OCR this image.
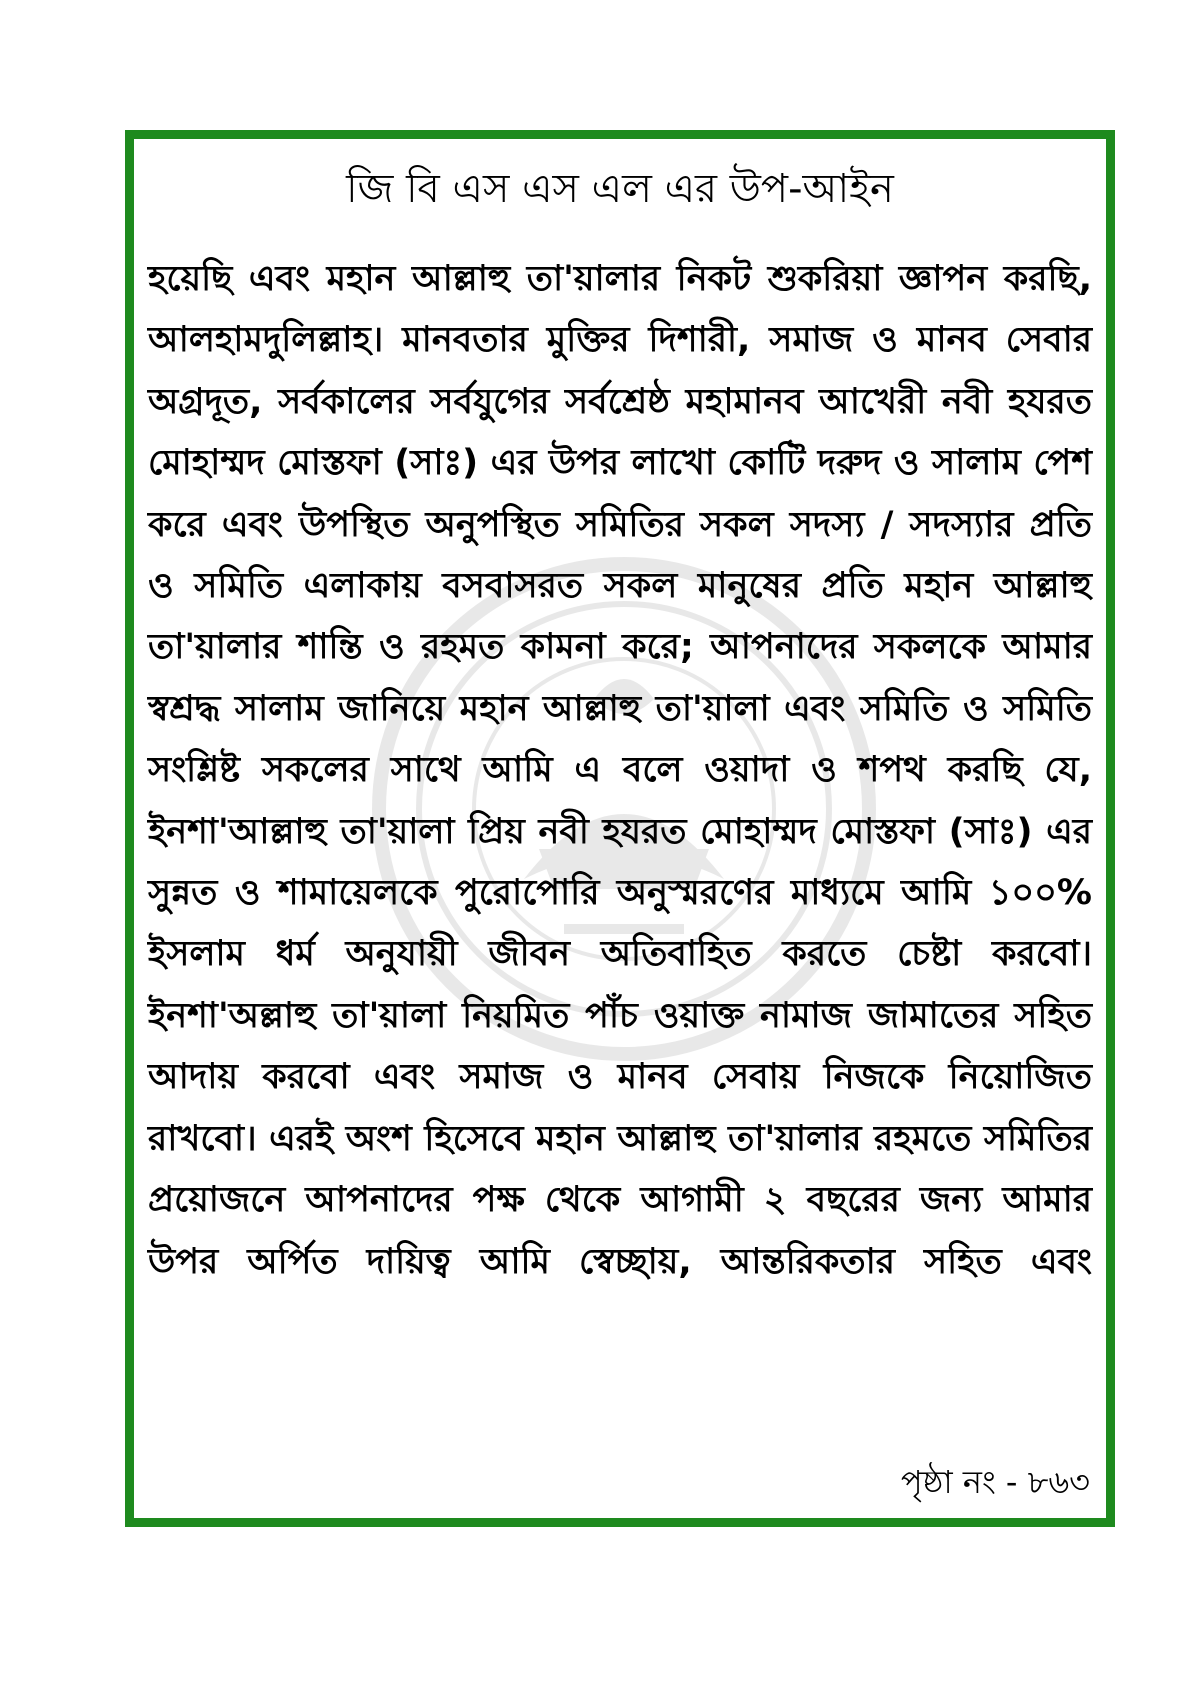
জি বি এস এস এল এর উপ-আইন

হয়েছি এবং মহান আল্লাহু তা'য়ালার নিকট শুকরিয়া জ্ঞাপন করছি, আলহামদুলিল্লাহ। মানবতার মুক্তির দিশারী, সমাজ ও মানব সেবার অগ্রদূত, সর্বকালের সর্বযুগের সর্বশ্রেষ্ঠ মহামানব আখেরী নবী হযরত মোহাম্মদ মোস্তফা (সাঃ) এর উপর লাখো কোটি দরুদ ও সালাম পেশ করে এবং উপস্থিত অনুপস্থিত সমিতির সকল সদস্য / সদস্যার প্রতি ও সমিতি এলাকায় বসবাসরত সকল মানুষের প্রতি মহান আল্লাহু তা'য়ালার শান্তি ও রহমত কামনা করে; আপনাদের সকলকে আমার স্বশ্রদ্ধ সালাম জানিয়ে মহান আল্লাহু তা'য়ালা এবং সমিতি ও সমিতি সংশ্লিষ্ট সকলের সাথে আমি এ বলে ওয়াদা ও শপথ করছি যে, ইনশা'আল্লাহু তা'য়ালা প্রিয় নবী হযরত মোহাম্মদ মোস্তফা (সাঃ) এর সুন্নত ও শামায়েলকে পুরোপোরি অনুস্মরণের মাধ্যমে আমি ১০০% ইসলাম ধর্ম অনুযায়ী জীবন অতিবাহিত করতে চেষ্টা করবো। ইনশা'অল্লাহু তা'য়ালা নিয়মিত পাঁচ ওয়াক্ত নামাজ জামাতের সহিত আদায় করবো এবং সমাজ ও মানব সেবায় নিজকে নিয়োজিত রাখবো। এরই অংশ হিসেবে মহান আল্লাহু তা'য়ালার রহমতে সমিতির প্রয়োজনে আপনাদের পক্ষ থেকে আগামী ২ বছরের জন্য আমার উপর অর্পিত দায়িত্ব আমি স্বেচ্ছায়, আন্তরিকতার সহিত এবং

পৃষ্ঠা নং - ৮৬৩
